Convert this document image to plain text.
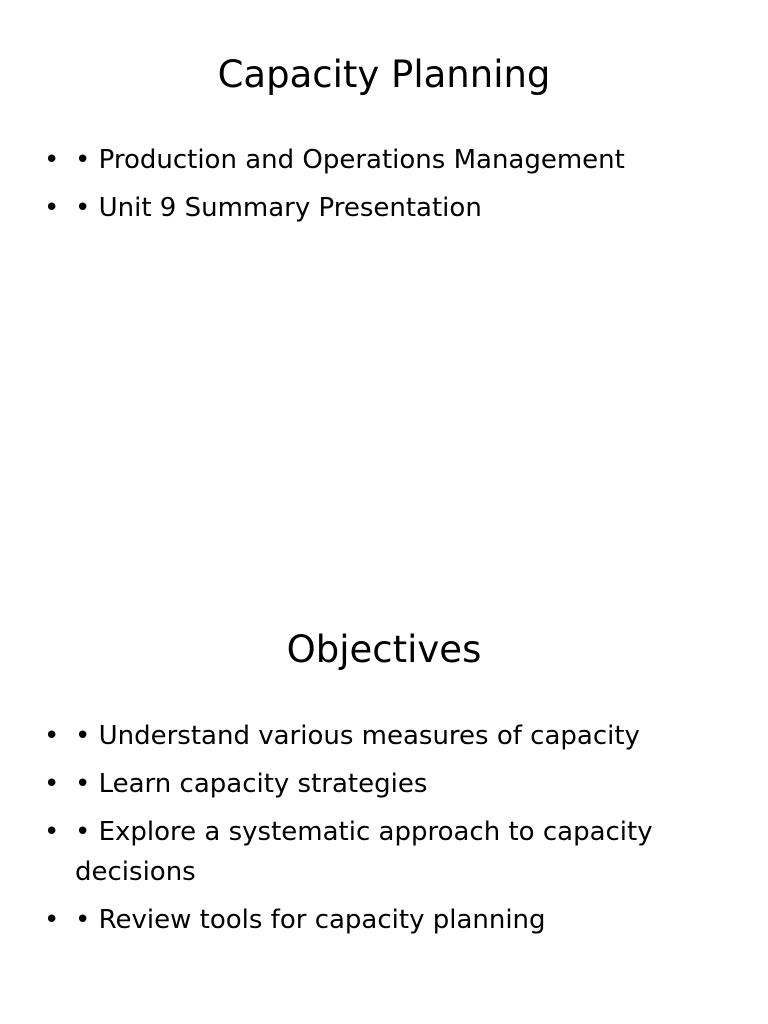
Capacity Planning
• • Production and Operations Management
• • Unit 9 Summary Presentation
Objectives
• • Understand various measures of capacity
• • Learn capacity strategies
• • Explore a systematic approach to capacity decisions
• • Review tools for capacity planning
